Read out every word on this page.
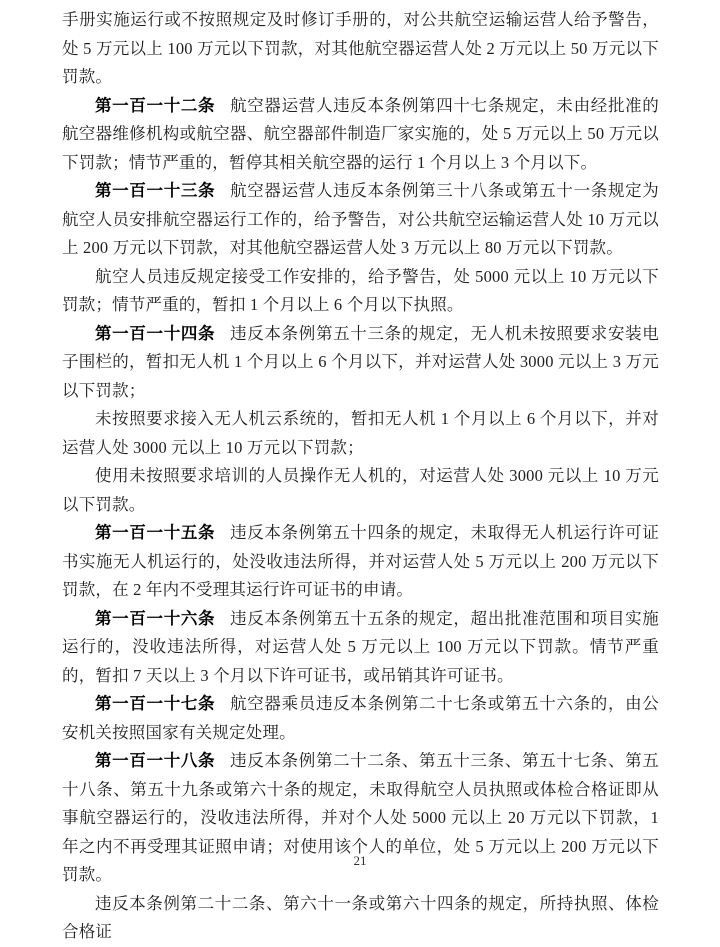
手册实施运行或不按照规定及时修订手册的，对公共航空运输运营人给予警告，处 5 万元以上 100 万元以下罚款，对其他航空器运营人处 2 万元以上 50 万元以下罚款。

第一百一十二条 航空器运营人违反本条例第四十七条规定，未由经批准的航空器维修机构或航空器、航空器部件制造厂家实施的，处 5 万元以上 50 万元以下罚款；情节严重的，暂停其相关航空器的运行 1 个月以上 3 个月以下。

第一百一十三条 航空器运营人违反本条例第三十八条或第五十一条规定为航空人员安排航空器运行工作的，给予警告，对公共航空运输运营人处 10 万元以上 200 万元以下罚款，对其他航空器运营人处 3 万元以上 80 万元以下罚款。

航空人员违反规定接受工作安排的，给予警告，处 5000 元以上 10 万元以下罚款；情节严重的，暂扣 1 个月以上 6 个月以下执照。

第一百一十四条 违反本条例第五十三条的规定，无人机未按照要求安装电子围栏的，暂扣无人机 1 个月以上 6 个月以下，并对运营人处 3000 元以上 3 万元以下罚款；

未按照要求接入无人机云系统的，暂扣无人机 1 个月以上 6 个月以下，并对运营人处 3000 元以上 10 万元以下罚款；

使用未按照要求培训的人员操作无人机的，对运营人处 3000 元以上 10 万元以下罚款。

第一百一十五条 违反本条例第五十四条的规定，未取得无人机运行许可证书实施无人机运行的，处没收违法所得，并对运营人处 5 万元以上 200 万元以下罚款，在 2 年内不受理其运行许可证书的申请。

第一百一十六条 违反本条例第五十五条的规定，超出批准范围和项目实施运行的，没收违法所得，对运营人处 5 万元以上 100 万元以下罚款。情节严重的，暂扣 7 天以上 3 个月以下许可证书，或吊销其许可证书。

第一百一十七条 航空器乘员违反本条例第二十七条或第五十六条的，由公安机关按照国家有关规定处理。

第一百一十八条 违反本条例第二十二条、第五十三条、第五十七条、第五十八条、第五十九条或第六十条的规定，未取得航空人员执照或体检合格证即从事航空器运行的，没收违法所得，并对个人处 5000 元以上 20 万元以下罚款，1 年之内不再受理其证照申请；对使用该个人的单位，处 5 万元以上 200 万元以下罚款。

违反本条例第二十二条、第六十一条或第六十四条的规定，所持执照、体检合格证

21
